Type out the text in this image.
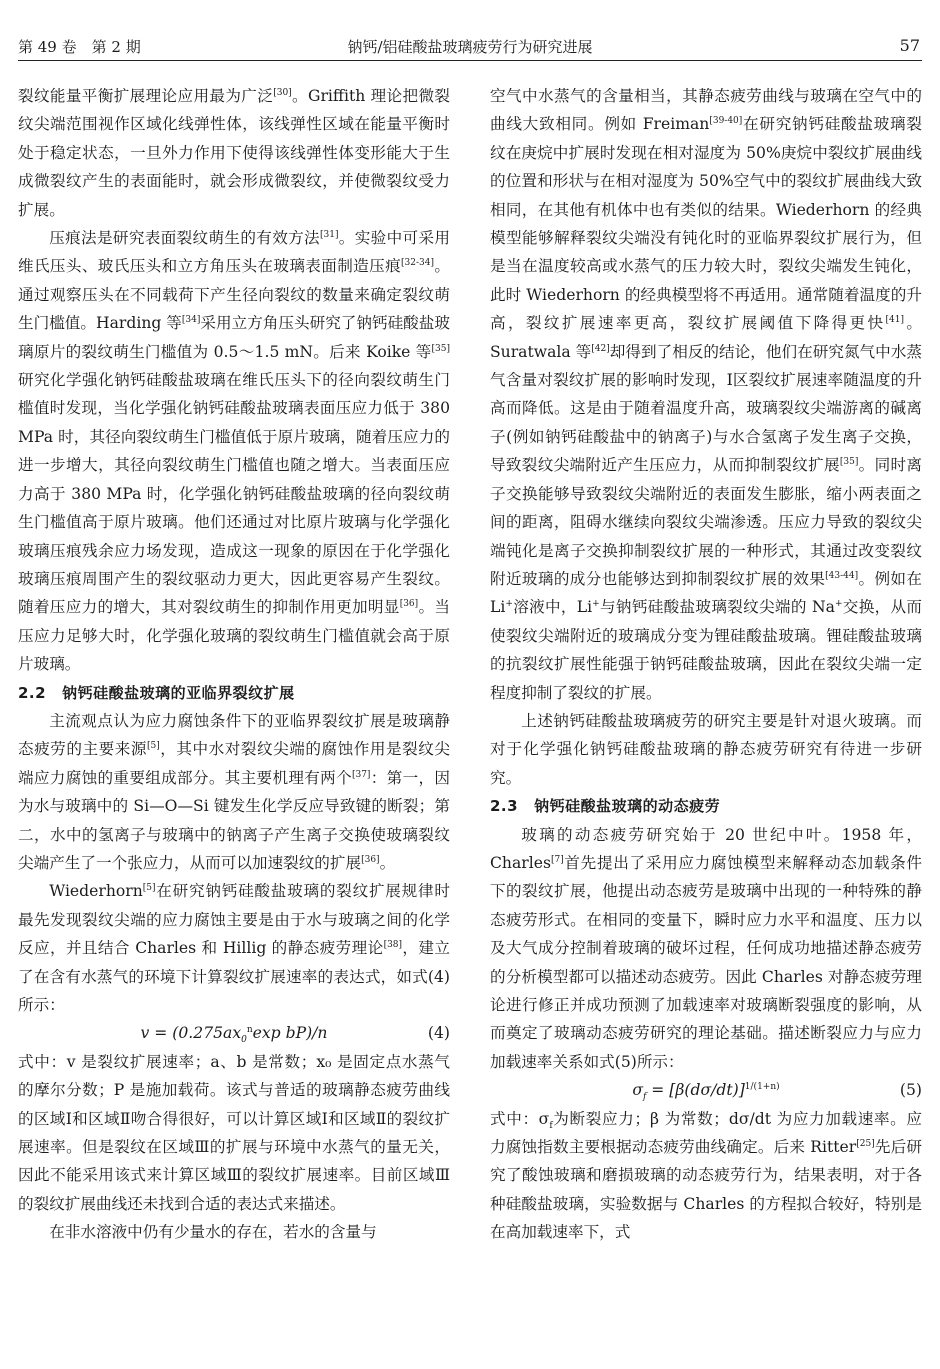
第 49 卷　第 2 期	钠钙/铝硅酸盐玻璃疲劳行为研究进展	57

裂纹能量平衡扩展理论应用最为广泛[30]。Griffith 理论把微裂纹尖端范围视作区域化线弹性体，该线弹性区域在能量平衡时处于稳定状态，一旦外力作用下使得该线弹性体变形能大于生成微裂纹产生的表面能时，就会形成微裂纹，并使微裂纹受力扩展。

压痕法是研究表面裂纹萌生的有效方法[31]。实验中可采用维氏压头、玻氏压头和立方角压头在玻璃表面制造压痕[32-34]。通过观察压头在不同载荷下产生径向裂纹的数量来确定裂纹萌生门槛值。Harding 等[34]采用立方角压头研究了钠钙硅酸盐玻璃原片的裂纹萌生门槛值为 0.5～1.5 mN。后来 Koike 等[35]研究化学强化钠钙硅酸盐玻璃在维氏压头下的径向裂纹萌生门槛值时发现，当化学强化钠钙硅酸盐玻璃表面压应力低于 380 MPa 时，其径向裂纹萌生门槛值低于原片玻璃，随着压应力的进一步增大，其径向裂纹萌生门槛值也随之增大。当表面压应力高于 380 MPa 时，化学强化钠钙硅酸盐玻璃的径向裂纹萌生门槛值高于原片玻璃。他们还通过对比原片玻璃与化学强化玻璃压痕残余应力场发现，造成这一现象的原因在于化学强化玻璃压痕周围产生的裂纹驱动力更大，因此更容易产生裂纹。随着压应力的增大，其对裂纹萌生的抑制作用更加明显[36]。当压应力足够大时，化学强化玻璃的裂纹萌生门槛值就会高于原片玻璃。

2.2 钠钙硅酸盐玻璃的亚临界裂纹扩展

主流观点认为应力腐蚀条件下的亚临界裂纹扩展是玻璃静态疲劳的主要来源[5]，其中水对裂纹尖端的腐蚀作用是裂纹尖端应力腐蚀的重要组成部分。其主要机理有两个[37]：第一，因为水与玻璃中的 Si—O—Si 键发生化学反应导致键的断裂；第二，水中的氢离子与玻璃中的钠离子产生离子交换使玻璃裂纹尖端产生了一个张应力，从而可以加速裂纹的扩展[36]。

Wiederhorn[5]在研究钠钙硅酸盐玻璃的裂纹扩展规律时最先发现裂纹尖端的应力腐蚀主要是由于水与玻璃之间的化学反应，并且结合 Charles 和 Hillig 的静态疲劳理论[38]，建立了在含有水蒸气的环境下计算裂纹扩展速率的表达式，如式(4)所示：

$v = (0.275ax_0^n\exp$ bP)/n	(4)

式中：v 是裂纹扩展速率；a、b 是常数；x₀ 是固定点水蒸气的摩尔分数；P 是施加载荷。该式与普适的玻璃静态疲劳曲线的区域Ⅰ和区域Ⅱ吻合得很好，可以计算区域Ⅰ和区域Ⅱ的裂纹扩展速率。但是裂纹在区域Ⅲ的扩展与环境中水蒸气的量无关，因此不能采用该式来计算区域Ⅲ的裂纹扩展速率。目前区域Ⅲ的裂纹扩展曲线还未找到合适的表达式来描述。

在非水溶液中仍有少量水的存在，若水的含量与

空气中水蒸气的含量相当，其静态疲劳曲线与玻璃在空气中的曲线大致相同。例如 Freiman[39-40]在研究钠钙硅酸盐玻璃裂纹在庚烷中扩展时发现在相对湿度为 50%庚烷中裂纹扩展曲线的位置和形状与在相对湿度为 50%空气中的裂纹扩展曲线大致相同，在其他有机体中也有类似的结果。Wiederhorn 的经典模型能够解释裂纹尖端没有钝化时的亚临界裂纹扩展行为，但是当在温度较高或水蒸气的压力较大时，裂纹尖端发生钝化，此时 Wiederhorn 的经典模型将不再适用。通常随着温度的升高，裂纹扩展速率更高，裂纹扩展阈值下降得更快[41]。Suratwala 等[42]却得到了相反的结论，他们在研究氮气中水蒸气含量对裂纹扩展的影响时发现，Ⅰ区裂纹扩展速率随温度的升高而降低。这是由于随着温度升高，玻璃裂纹尖端游离的碱离子(例如钠钙硅酸盐中的钠离子)与水合氢离子发生离子交换，导致裂纹尖端附近产生压应力，从而抑制裂纹扩展[35]。同时离子交换能够导致裂纹尖端附近的表面发生膨胀，缩小两表面之间的距离，阻碍水继续向裂纹尖端渗透。压应力导致的裂纹尖端钝化是离子交换抑制裂纹扩展的一种形式，其通过改变裂纹附近玻璃的成分也能够达到抑制裂纹扩展的效果[43-44]。例如在 Li+溶液中，Li+与钠钙硅酸盐玻璃裂纹尖端的 Na+交换，从而使裂纹尖端附近的玻璃成分变为锂硅酸盐玻璃。锂硅酸盐玻璃的抗裂纹扩展性能强于钠钙硅酸盐玻璃，因此在裂纹尖端一定程度抑制了裂纹的扩展。

上述钠钙硅酸盐玻璃疲劳的研究主要是针对退火玻璃。而对于化学强化钠钙硅酸盐玻璃的静态疲劳研究有待进一步研究。

2.3 钠钙硅酸盐玻璃的动态疲劳

玻璃的动态疲劳研究始于 20 世纪中叶。1958 年，Charles[7]首先提出了采用应力腐蚀模型来解释动态加载条件下的裂纹扩展，他提出动态疲劳是玻璃中出现的一种特殊的静态疲劳形式。在相同的变量下，瞬时应力水平和温度、压力以及大气成分控制着玻璃的破坏过程，任何成功地描述静态疲劳的分析模型都可以描述动态疲劳。因此 Charles 对静态疲劳理论进行修正并成功预测了加载速率对玻璃断裂强度的影响，从而奠定了玻璃动态疲劳研究的理论基础。描述断裂应力与应力加载速率关系如式(5)所示：

$\sigma_f = [\beta(d\sigma/dt)]^{1/(1+n)}$	(5)

式中：$\sigma_f$为断裂应力；β 为常数；dσ/dt 为应力加载速率。应力腐蚀指数主要根据动态疲劳曲线确定。后来 Ritter[25]先后研究了酸蚀玻璃和磨损玻璃的动态疲劳行为，结果表明，对于各种硅酸盐玻璃，实验数据与 Charles 的方程拟合较好，特别是在高加载速率下，式
